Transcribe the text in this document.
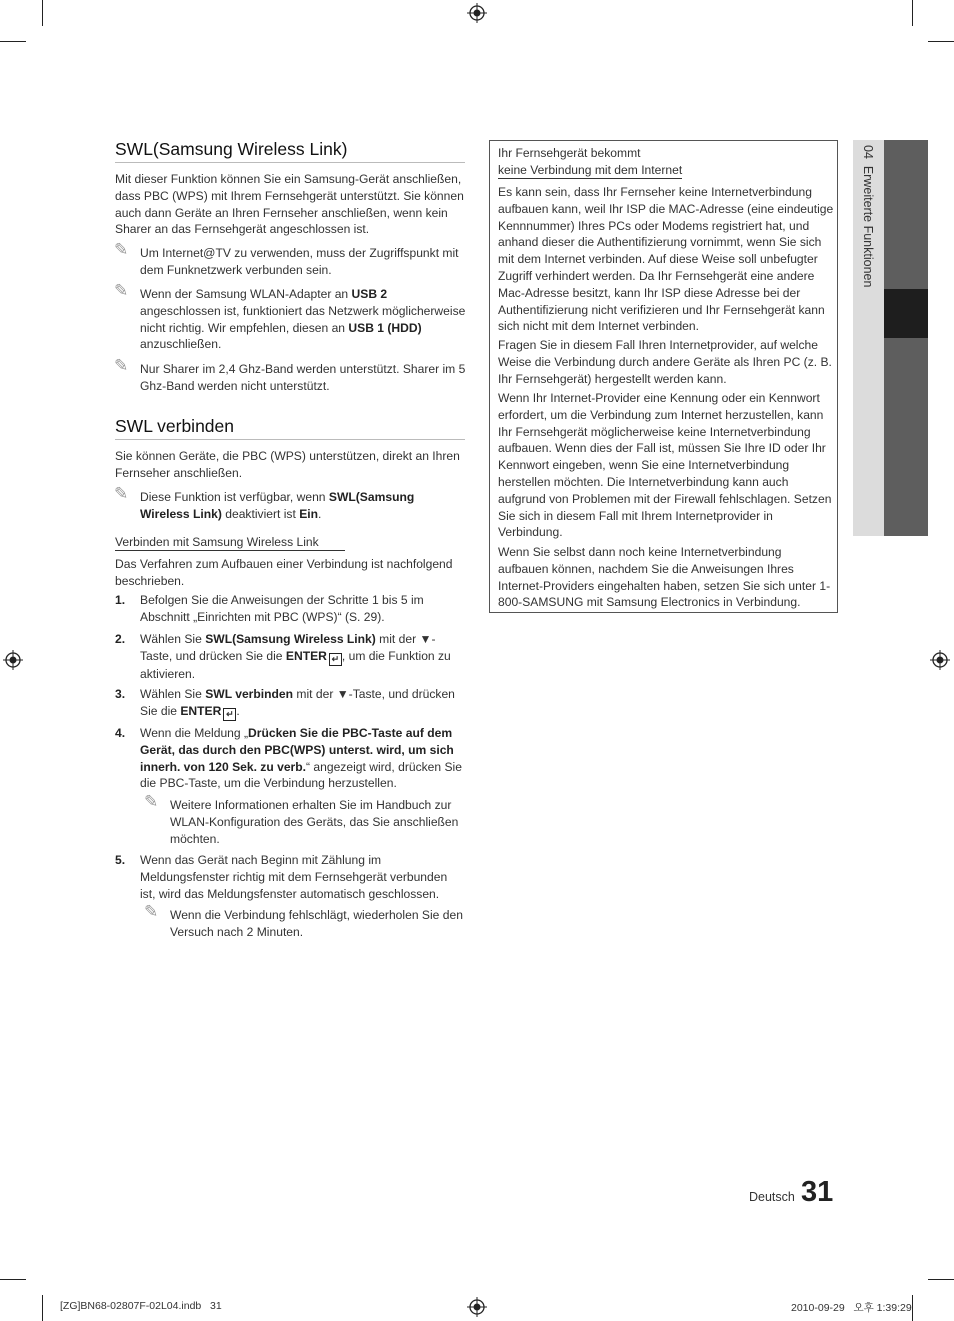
SWL(Samsung Wireless Link)
Mit dieser Funktion können Sie ein Samsung-Gerät anschließen, dass PBC (WPS) mit Ihrem Fernsehgerät unterstützt. Sie können auch dann Geräte an Ihren Fernseher anschließen, wenn kein Sharer an das Fernsehgerät angeschlossen ist.
✎ Um Internet@TV zu verwenden, muss der Zugriffspunkt mit dem Funknetzwerk verbunden sein.
✎ Wenn der Samsung WLAN-Adapter an USB 2 angeschlossen ist, funktioniert das Netzwerk möglicherweise nicht richtig. Wir empfehlen, diesen an USB 1 (HDD) anzuschließen.
✎ Nur Sharer im 2,4 Ghz-Band werden unterstützt. Sharer im 5 Ghz-Band werden nicht unterstützt.
SWL verbinden
Sie können Geräte, die PBC (WPS) unterstützen, direkt an Ihren Fernseher anschließen.
✎ Diese Funktion ist verfügbar, wenn SWL(Samsung Wireless Link) deaktiviert ist Ein.
Verbinden mit Samsung Wireless Link
Das Verfahren zum Aufbauen einer Verbindung ist nachfolgend beschrieben.
1. Befolgen Sie die Anweisungen der Schritte 1 bis 5 im Abschnitt „Einrichten mit PBC (WPS)“ (S. 29).
2. Wählen Sie SWL(Samsung Wireless Link) mit der ▼-Taste, und drücken Sie die ENTER ↵ , um die Funktion zu aktivieren.
3. Wählen Sie SWL verbinden mit der ▼-Taste, und drücken Sie die ENTER ↵ .
4. Wenn die Meldung „Drücken Sie die PBC-Taste auf dem Gerät, das durch den PBC(WPS) unterst. wird, um sich innerh. von 120 Sek. zu verb.“ angezeigt wird, drücken Sie die PBC-Taste, um die Verbindung herzustellen.
✎ Weitere Informationen erhalten Sie im Handbuch zur WLAN-Konfiguration des Geräts, das Sie anschließen möchten.
5. Wenn das Gerät nach Beginn mit Zählung im Meldungsfenster richtig mit dem Fernsehgerät verbunden ist, wird das Meldungsfenster automatisch geschlossen.
✎ Wenn die Verbindung fehlschlägt, wiederholen Sie den Versuch nach 2 Minuten.
Ihr Fernsehgerät bekommt
keine Verbindung mit dem Internet
Es kann sein, dass Ihr Fernseher keine Internetverbindung aufbauen kann, weil Ihr ISP die MAC-Adresse (eine eindeutige Kennnummer) Ihres PCs oder Modems registriert hat, und anhand dieser die Authentifizierung vornimmt, wenn Sie sich mit dem Internet verbinden. Auf diese Weise soll unbefugter Zugriff verhindert werden. Da Ihr Fernsehgerät eine andere Mac-Adresse besitzt, kann Ihr ISP diese Adresse bei der Authentifizierung nicht verifizieren und Ihr Fernsehgerät kann sich nicht mit dem Internet verbinden.
Fragen Sie in diesem Fall Ihren Internetprovider, auf welche Weise die Verbindung durch andere Geräte als Ihren PC (z. B. Ihr Fernsehgerät) hergestellt werden kann.
Wenn Ihr Internet-Provider eine Kennung oder ein Kennwort erfordert, um die Verbindung zum Internet herzustellen, kann Ihr Fernsehgerät möglicherweise keine Internetverbindung aufbauen. Wenn dies der Fall ist, müssen Sie Ihre ID oder Ihr Kennwort eingeben, wenn Sie eine Internetverbindung herstellen möchten. Die Internetverbindung kann auch aufgrund von Problemen mit der Firewall fehlschlagen. Setzen Sie sich in diesem Fall mit Ihrem Internetprovider in Verbindung.
Wenn Sie selbst dann noch keine Internetverbindung aufbauen können, nachdem Sie die Anweisungen Ihres Internet-Providers eingehalten haben, setzen Sie sich unter 1-800-SAMSUNG mit Samsung Electronics in Verbindung.
04  Erweiterte Funktionen
Deutsch 31
[ZG]BN68-02807F-02L04.indb   31	2010-09-29   오후 1:39:29
